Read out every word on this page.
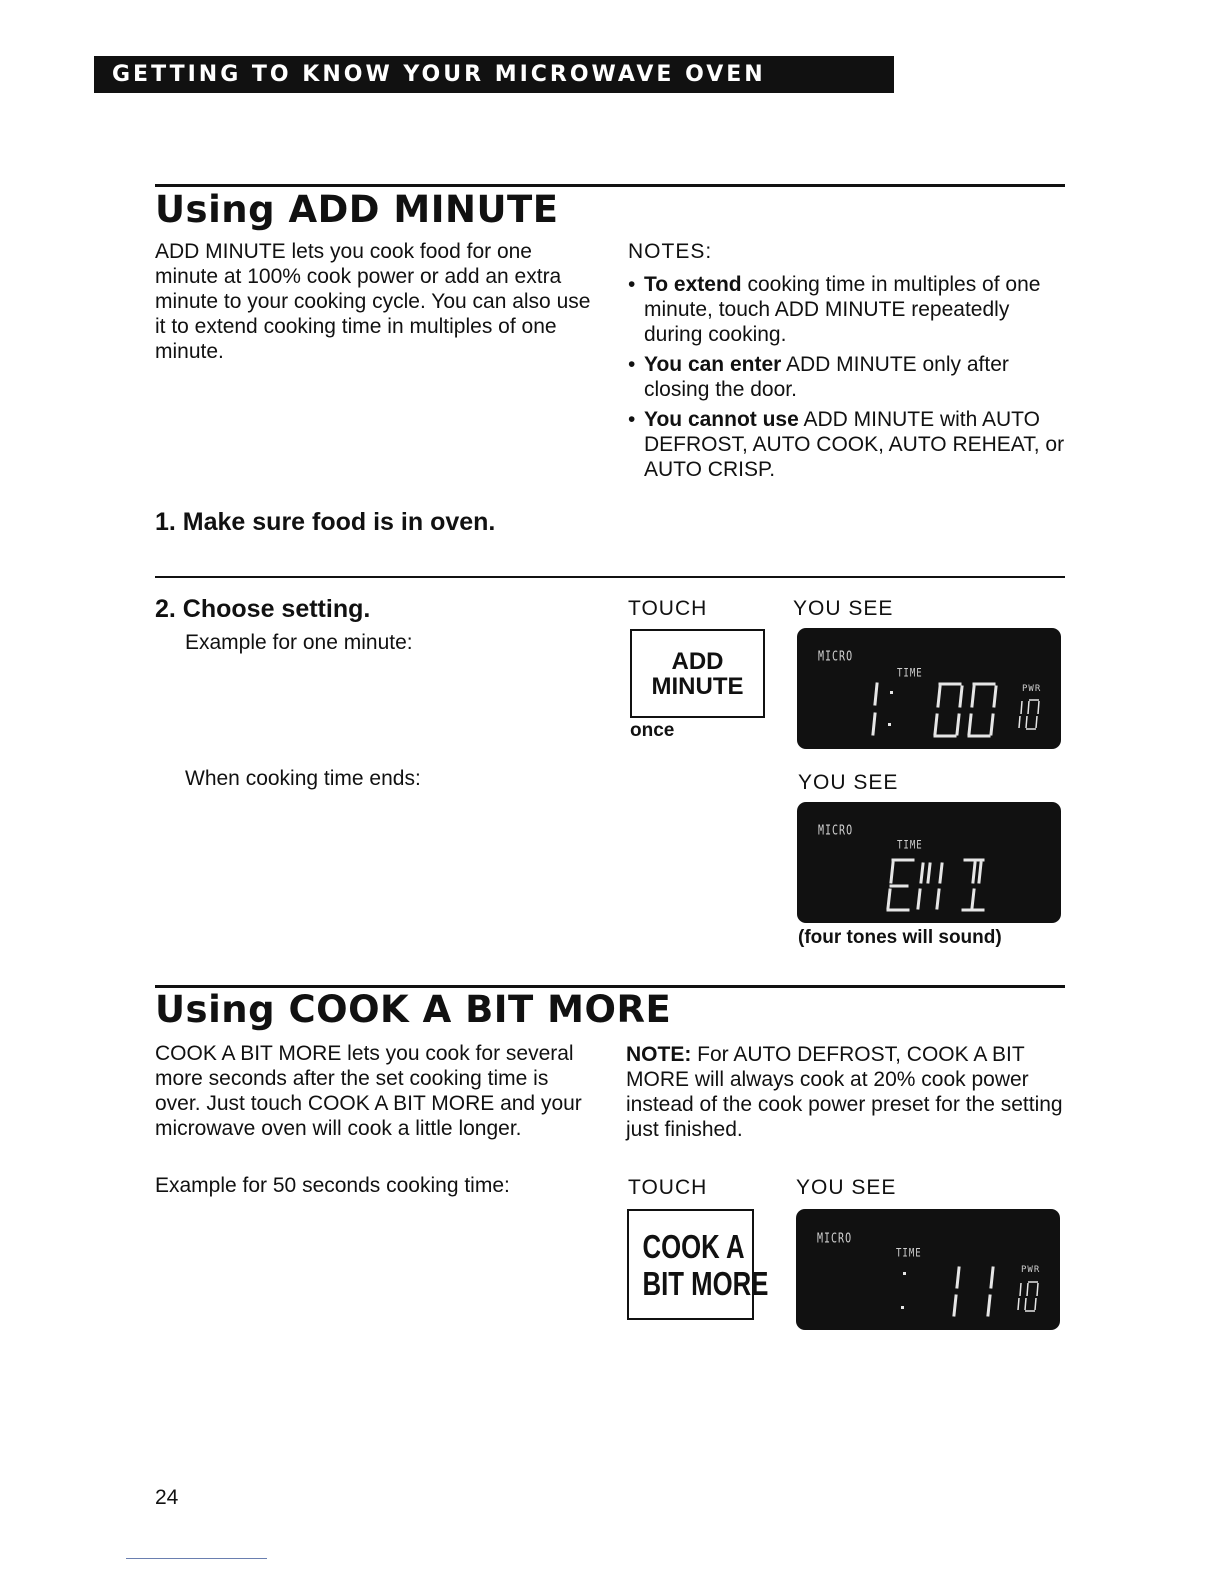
GETTING TO KNOW YOUR MICROWAVE OVEN
Using ADD MINUTE
ADD MINUTE lets you cook food for one minute at 100% cook power or add an extra minute to your cooking cycle. You can also use it to extend cooking time in multiples of one minute.
NOTES:
• To extend cooking time in multiples of one minute, touch ADD MINUTE repeatedly during cooking.
• You can enter ADD MINUTE only after closing the door.
• You cannot use ADD MINUTE with AUTO DEFROST, AUTO COOK, AUTO REHEAT, or AUTO CRISP.
1. Make sure food is in oven.
2. Choose setting.
Example for one minute:
TOUCH	YOU SEE
ADD
MINUTE
once
MICRO
TIME
PWR
When cooking time ends:	YOU SEE
MICRO
TIME
(four tones will sound)
Using COOK A BIT MORE
COOK A BIT MORE lets you cook for several more seconds after the set cooking time is over. Just touch COOK A BIT MORE and your microwave oven will cook a little longer.
Example for 50 seconds cooking time:
NOTE: For AUTO DEFROST, COOK A BIT MORE will always cook at 20% cook power instead of the cook power preset for the setting just finished.
TOUCH	YOU SEE
COOK A
BIT MORE
MICRO
TIME
PWR
24
